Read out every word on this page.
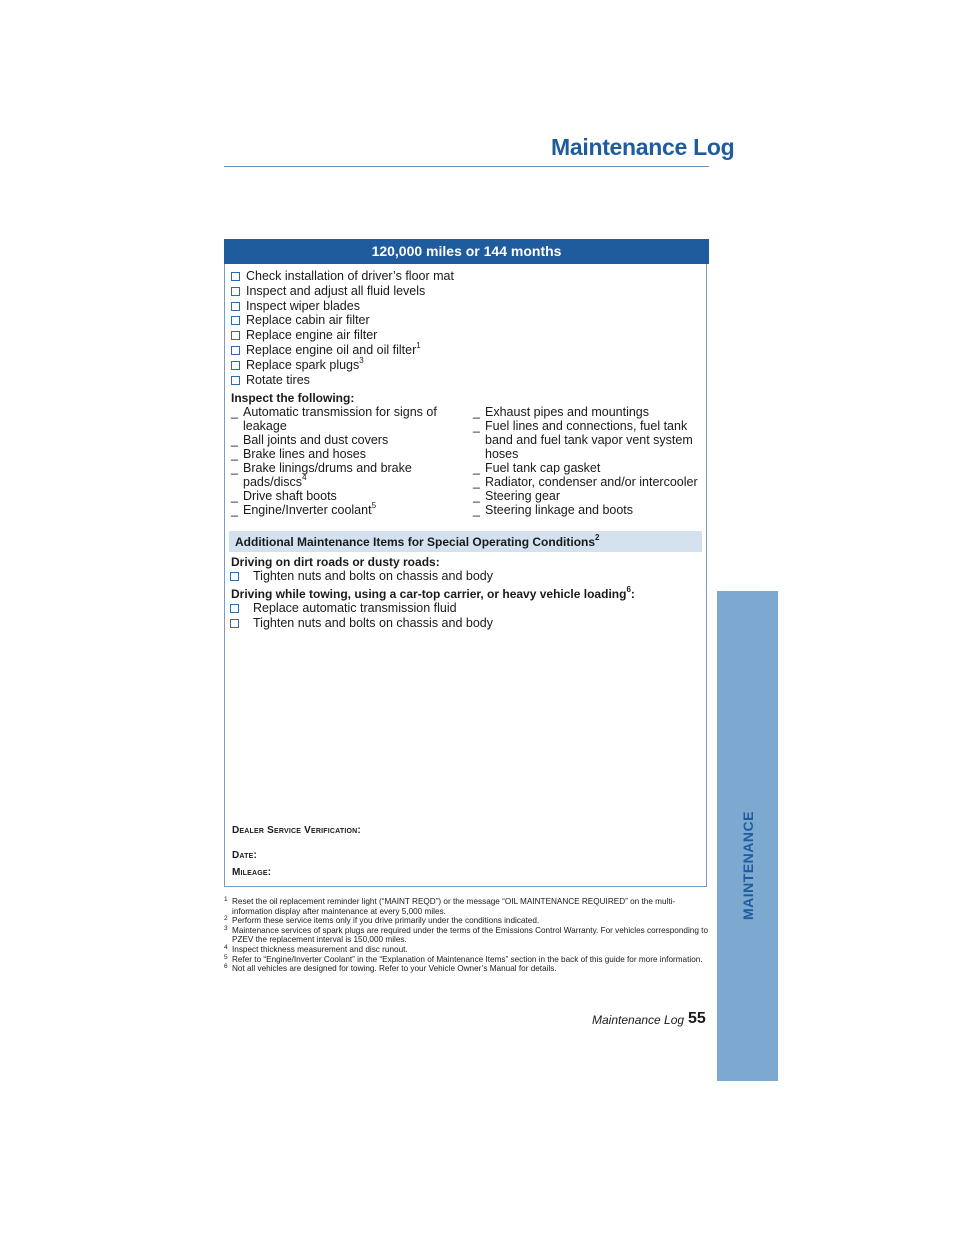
Maintenance Log
120,000 miles or 144 months
Check installation of driver’s floor mat
Inspect and adjust all fluid levels
Inspect wiper blades
Replace cabin air filter
Replace engine air filter
Replace engine oil and oil filter$^1$
Replace spark plugs$^3$
Rotate tires
Inspect the following:
_ Automatic transmission for signs of leakage
_ Ball joints and dust covers
_ Brake lines and hoses
_ Brake linings/drums and brake pads/discs$^4$
_ Drive shaft boots
_ Engine/Inverter coolant$^5$
_ Exhaust pipes and mountings
_ Fuel lines and connections, fuel tank band and fuel tank vapor vent system hoses
_ Fuel tank cap gasket
_ Radiator, condenser and/or intercooler
_ Steering gear
_ Steering linkage and boots
Additional Maintenance Items for Special Operating Conditions$^2$
Driving on dirt roads or dusty roads:
Tighten nuts and bolts on chassis and body
Driving while towing, using a car-top carrier, or heavy vehicle loading$^6$:
Replace automatic transmission fluid
Tighten nuts and bolts on chassis and body
Dealer Service Verification:
Date:
Mileage:
1 Reset the oil replacement reminder light (“MAINT REQD”) or the message “OIL MAINTENANCE REQUIRED” on the multi-information display after maintenance at every 5,000 miles.
2 Perform these service items only if you drive primarily under the conditions indicated.
3 Maintenance services of spark plugs are required under the terms of the Emissions Control Warranty. For vehicles corresponding to PZEV the replacement interval is 150,000 miles.
4 Inspect thickness measurement and disc runout.
5 Refer to “Engine/Inverter Coolant” in the “Explanation of Maintenance Items” section in the back of this guide for more information.
6 Not all vehicles are designed for towing. Refer to your Vehicle Owner’s Manual for details.
Maintenance Log 55
MAINTENANCE
